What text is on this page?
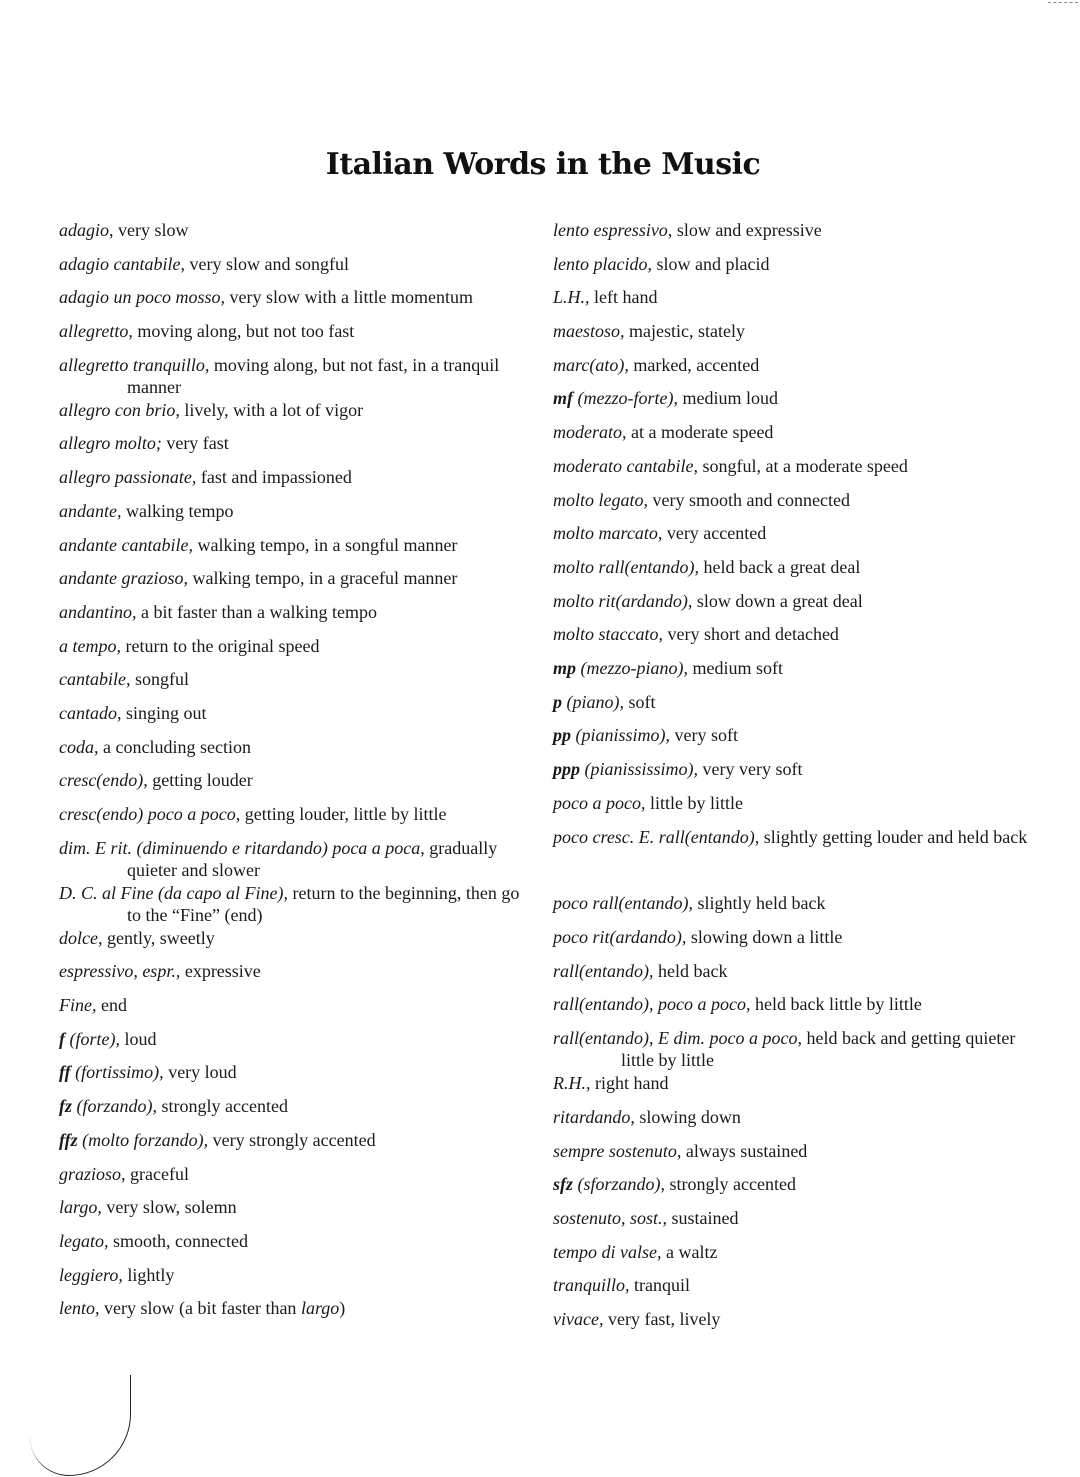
Italian Words in the Music

adagio, very slow

adagio cantabile, very slow and songful

adagio un poco mosso, very slow with a little momentum

allegretto, moving along, but not too fast

allegretto tranquillo, moving along, but not fast, in a tranquil manner

allegro con brio, lively, with a lot of vigor

allegro molto; very fast

allegro passionate, fast and impassioned

andante, walking tempo

andante cantabile, walking tempo, in a songful manner

andante grazioso, walking tempo, in a graceful manner

andantino, a bit faster than a walking tempo

a tempo, return to the original speed

cantabile, songful

cantado, singing out

coda, a concluding section

cresc(endo), getting louder

cresc(endo) poco a poco, getting louder, little by little

dim. E rit. (diminuendo e ritardando) poca a poca, gradually quieter and slower

D. C. al Fine (da capo al Fine), return to the beginning, then go to the “Fine” (end)

dolce, gently, sweetly

espressivo, espr., expressive

Fine, end

f (forte), loud

ff (fortissimo), very loud

fz (forzando), strongly accented

ffz (molto forzando), very strongly accented

grazioso, graceful

largo, very slow, solemn

legato, smooth, connected

leggiero, lightly

lento, very slow (a bit faster than largo)

lento espressivo, slow and expressive

lento placido, slow and placid

L.H., left hand

maestoso, majestic, stately

marc(ato), marked, accented

mf (mezzo-forte), medium loud

moderato, at a moderate speed

moderato cantabile, songful, at a moderate speed

molto legato, very smooth and connected

molto marcato, very accented

molto rall(entando), held back a great deal

molto rit(ardando), slow down a great deal

molto staccato, very short and detached

mp (mezzo-piano), medium soft

p (piano), soft

pp (pianissimo), very soft

ppp (pianississimo), very very soft

poco a poco, little by little

poco cresc. E. rall(entando), slightly getting louder and held back

poco rall(entando), slightly held back

poco rit(ardando), slowing down a little

rall(entando), held back

rall(entando), poco a poco, held back little by little

rall(entando), E dim. poco a poco, held back and getting quieter little by little

R.H., right hand

ritardando, slowing down

sempre sostenuto, always sustained

sfz (sforzando), strongly accented

sostenuto, sost., sustained

tempo di valse, a waltz

tranquillo, tranquil

vivace, very fast, lively
